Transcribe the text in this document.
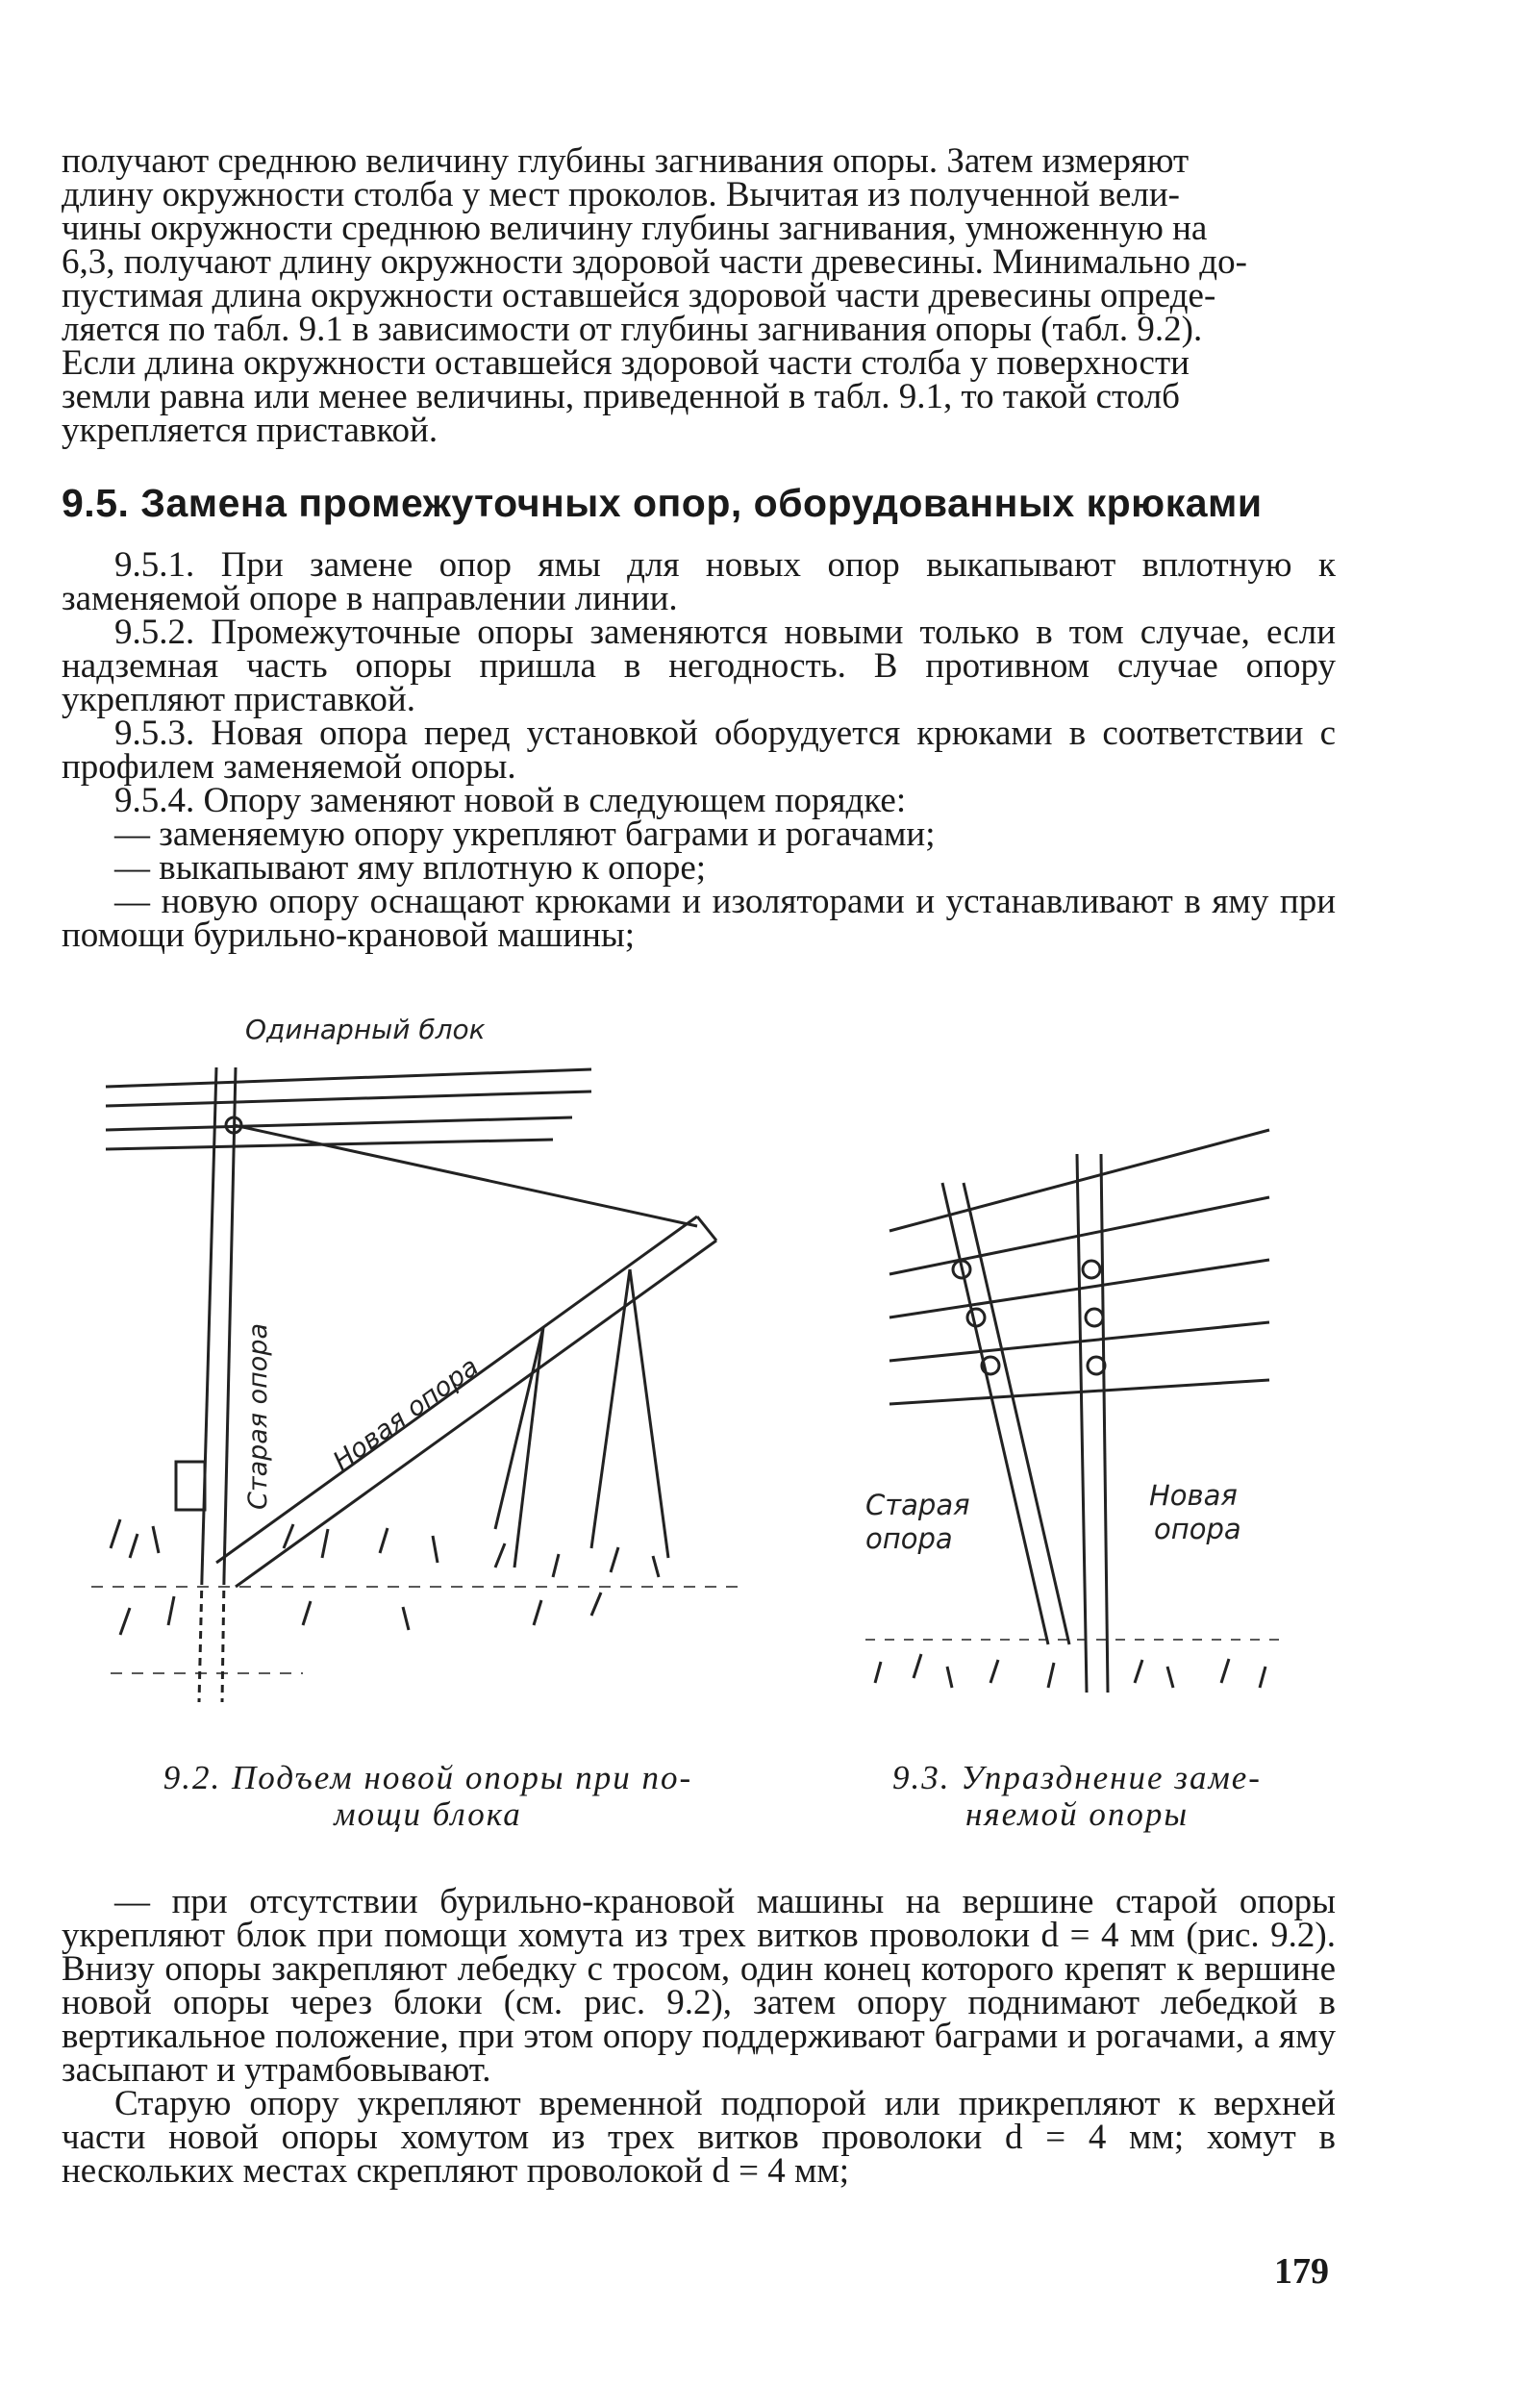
получают среднюю величину глубины загнивания опоры. Затем измеряют

длину окружности столба у мест проколов. Вычитая из полученной вели-

чины окружности среднюю величину глубины загнивания, умноженную на

6,3, получают длину окружности здоровой части древесины. Минимально до-

пустимая длина окружности оставшейся здоровой части древесины опреде-

ляется по табл. 9.1 в зависимости от глубины загнивания опоры (табл. 9.2).

Если длина окружности оставшейся здоровой части столба у поверхности

земли равна или менее величины, приведенной в табл. 9.1, то такой столб

укрепляется приставкой.

9.5. Замена промежуточных опор, оборудованных крюками

9.5.1. При замене опор ямы для новых опор выкапывают вплотную к заменяемой опоре в направлении линии.

9.5.2. Промежуточные опоры заменяются новыми только в том случае, если надземная часть опоры пришла в негодность. В противном случае опору укрепляют приставкой.

9.5.3. Новая опора перед установкой оборудуется крюками в соответствии с профилем заменяемой опоры.

9.5.4. Опору заменяют новой в следующем порядке:

— заменяемую опору укрепляют баграми и рогачами;

— выкапывают яму вплотную к опоре;

— новую опору оснащают крюками и изоляторами и устанавливают в яму при помощи бурильно-крановой машины;

Одинарный блок
Старая опора Новая опора
9.2. Подъем новой опоры при по-
мощи блока
Старая
опора
Новая
опора
9.3. Упразднение заме-
няемой опоры

— при отсутствии бурильно-крановой машины на вершине старой опоры укрепляют блок при помощи хомута из трех витков проволоки d = 4 мм (рис. 9.2). Внизу опоры закрепляют лебедку с тросом, один конец которого крепят к вершине новой опоры через блоки (см. рис. 9.2), затем опору поднимают лебедкой в вертикальное положение, при этом опору поддерживают баграми и рогачами, а яму засыпают и утрамбовывают.

Старую опору укрепляют временной подпорой или прикрепляют к верхней части новой опоры хомутом из трех витков проволоки d = 4 мм; хомут в нескольких местах скрепляют проволокой d = 4 мм;

179
